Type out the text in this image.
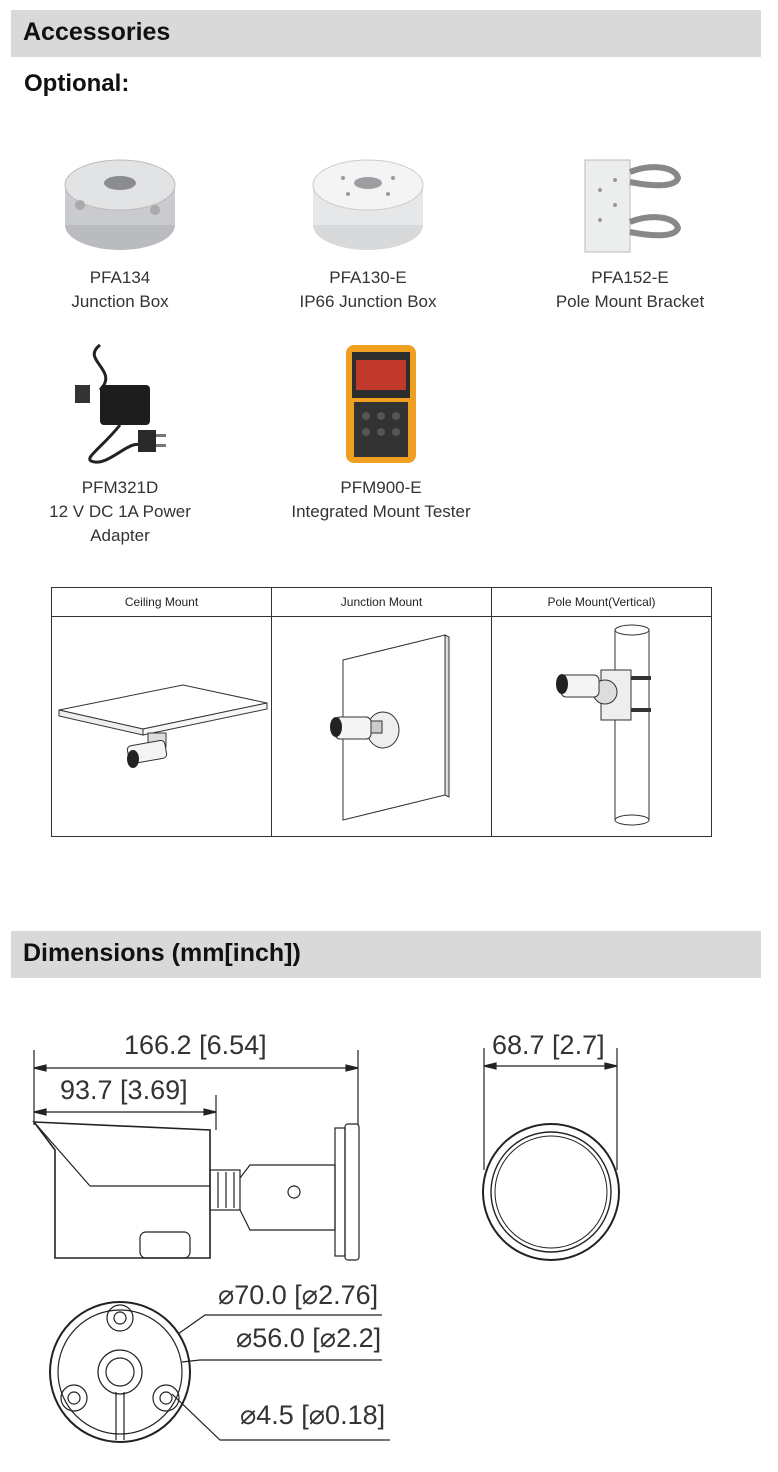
Accessories
Optional:
PFA134
Junction Box
PFA130-E
IP66 Junction Box
PFA152-E
Pole Mount Bracket
PFM321D
12 V DC 1A Power
Adapter
PFM900-E
Integrated Mount Tester
Ceiling Mount	Junction Mount	Pole Mount(Vertical)

Dimensions (mm[inch])
166.2 [6.54]
93.7 [3.69]
68.7 [2.7]
⌀70.0 [⌀2.76]
⌀56.0 [⌀2.2]
⌀4.5 [⌀0.18]
